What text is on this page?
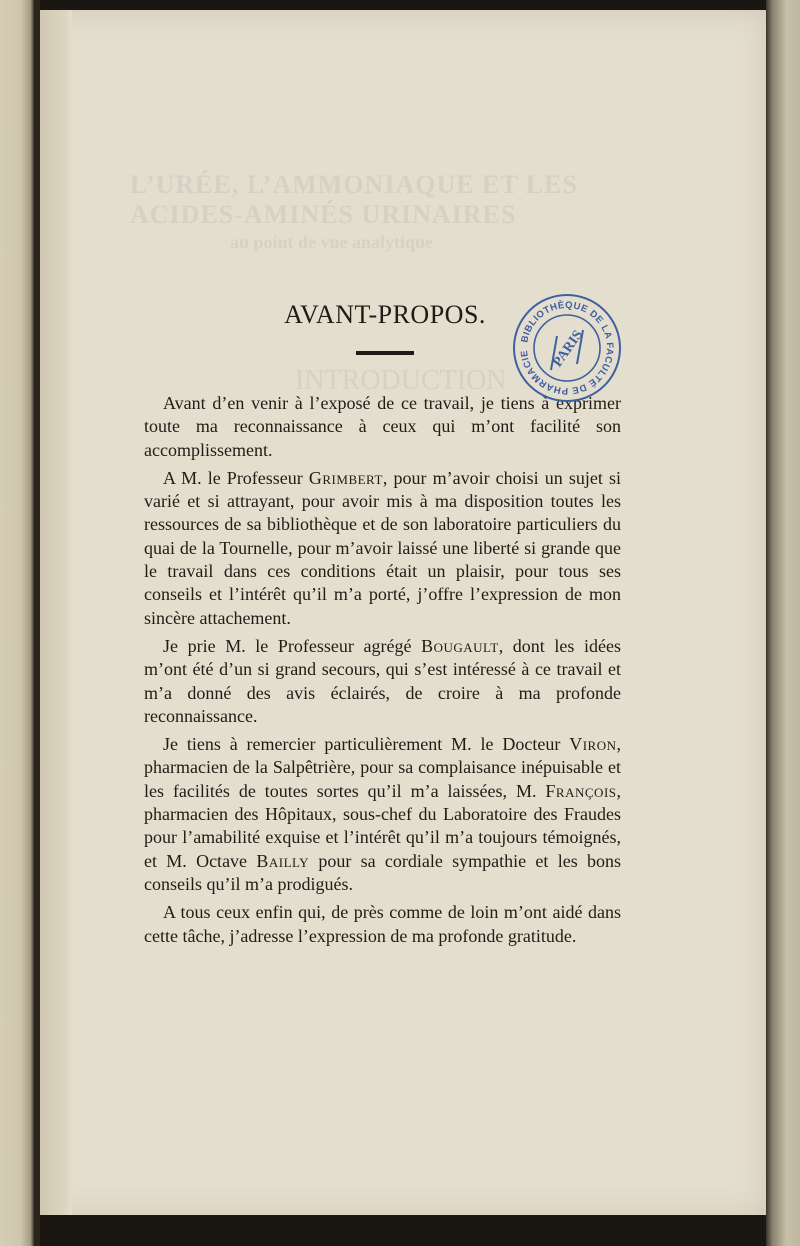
AVANT-PROPOS.

Avant d’en venir à l’exposé de ce travail, je tiens à exprimer toute ma reconnaissance à ceux qui m’ont facilité son accomplissement.

A M. le Professeur Grimbert, pour m’avoir choisi un sujet si varié et si attrayant, pour avoir mis à ma disposition toutes les ressources de sa bibliothèque et de son laboratoire particuliers du quai de la Tournelle, pour m’avoir laissé une liberté si grande que le travail dans ces conditions était un plaisir, pour tous ses conseils et l’intérêt qu’il m’a porté, j’offre l’expression de mon sincère attachement.

Je prie M. le Professeur agrégé Bougault, dont les idées m’ont été d’un si grand secours, qui s’est intéressé à ce travail et m’a donné des avis éclairés, de croire à ma profonde reconnaissance.

Je tiens à remercier particulièrement M. le Docteur Viron, pharmacien de la Salpêtrière, pour sa complaisance inépuisable et les facilités de toutes sortes qu’il m’a laissées, M. François, pharmacien des Hôpitaux, sous-chef du Laboratoire des Fraudes pour l’amabilité exquise et l’intérêt qu’il m’a toujours témoignés, et M. Octave Bailly pour sa cordiale sympathie et les bons conseils qu’il m’a prodigués.

A tous ceux enfin qui, de près comme de loin m’ont aidé dans cette tâche, j’adresse l’expression de ma profonde gratitude.

BIBLIOTHÈQUE DE LA FACULTÉ DE PHARMACIE	PARIS
